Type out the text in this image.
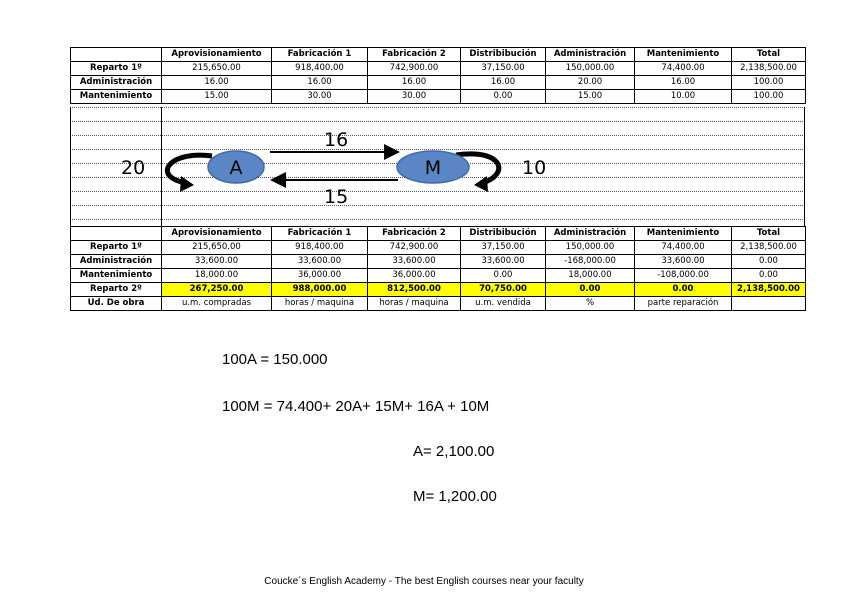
	Aprovisionamiento	Fabricación 1	Fabricación 2	Distribibución	Administración	Mantenimiento	Total
Reparto 1º	215,650.00	918,400.00	742,900.00	37,150.00	150,000.00	74,400.00	2,138,500.00
Administración	16.00	16.00	16.00	16.00	20.00	16.00	100.00
Mantenimiento	15.00	30.00	30.00	0.00	15.00	10.00	100.00
A	M
16
15
20	10
	Aprovisionamiento	Fabricación 1	Fabricación 2	Distribibución	Administración	Mantenimiento	Total
Reparto 1º	215,650.00	918,400.00	742,900.00	37,150.00	150,000.00	74,400.00	2,138,500.00
Administración	33,600.00	33,600.00	33,600.00	33,600.00	-168,000.00	33,600.00	0.00
Mantenimiento	18,000.00	36,000.00	36,000.00	0.00	18,000.00	-108,000.00	0.00
Reparto 2º	267,250.00	988,000.00	812,500.00	70,750.00	0.00	0.00	2,138,500.00
Ud. De obra	u.m. compradas	horas / maquina	horas / maquina	u.m. vendida	%	parte reparación	
100A = 150.000
100M = 74.400+ 20A+ 15M+ 16A + 10M
A= 2,100.00
M= 1,200.00
Coucke´s English Academy - The best English courses near your faculty
